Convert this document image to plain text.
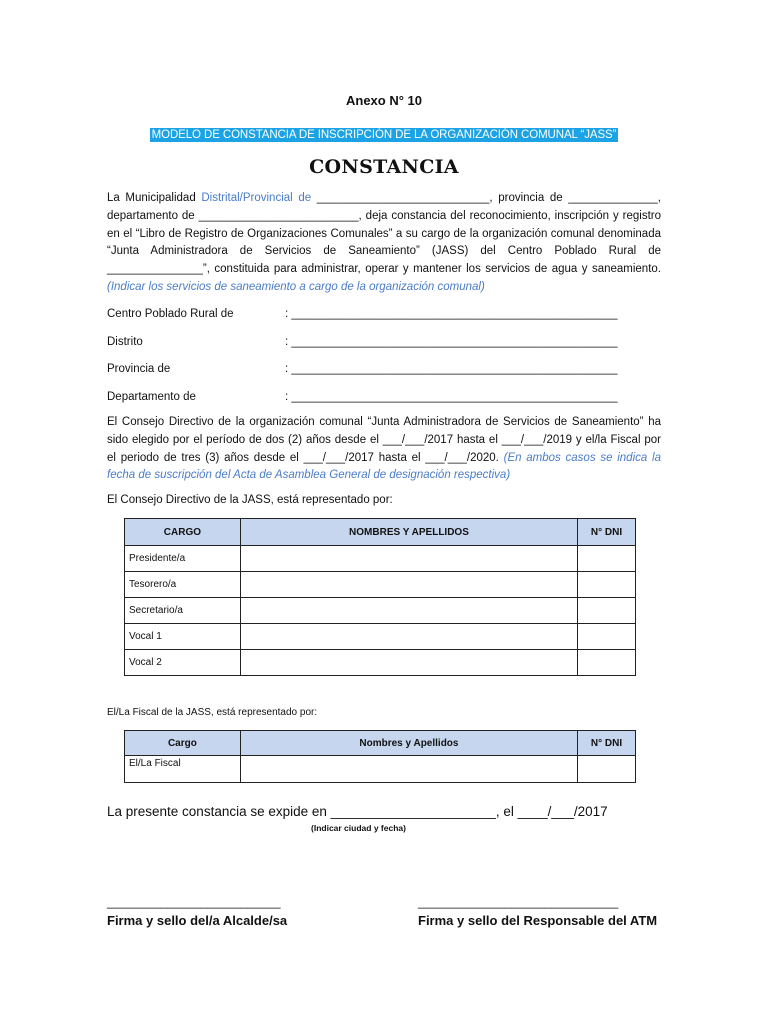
Anexo N° 10
MODELO DE CONSTANCIA DE INSCRIPCIÓN DE LA ORGANIZACIÓN COMUNAL “JASS”
CONSTANCIA
La Municipalidad Distrital/Provincial de ___________________________, provincia de ______________, departamento de _________________________, deja constancia del reconocimiento, inscripción y registro en el “Libro de Registro de Organizaciones Comunales” a su cargo de la organización comunal denominada “Junta Administradora de Servicios de Saneamiento” (JASS) del Centro Poblado Rural de _______________”, constituida para administrar, operar y mantener los servicios de agua y saneamiento. (Indicar los servicios de saneamiento a cargo de la organización comunal)
Centro Poblado Rural de	: ___________________________________________________
Distrito	: ___________________________________________________
Provincia de	: ___________________________________________________
Departamento de	: ___________________________________________________
El Consejo Directivo de la organización comunal “Junta Administradora de Servicios de Saneamiento” ha sido elegido por el período de dos (2) años desde el ___/___/2017 hasta el ___/___/2019 y el/la Fiscal por el periodo de tres (3) años desde el ___/___/2017 hasta el ___/___/2020. (En ambos casos se indica la fecha de suscripción del Acta de Asamblea General de designación respectiva)
El Consejo Directivo de la JASS, está representado por:
CARGO	NOMBRES Y APELLIDOS	N° DNI
Presidente/a		
Tesorero/a		
Secretario/a		
Vocal 1		
Vocal 2		
El/La Fiscal de la JASS, está representado por:
Cargo	Nombres y Apellidos	N° DNI
El/La Fiscal		
La presente constancia se expide en ______________________, el ____/___/2017
(Indicar ciudad y fecha)
__________________________
Firma y sello del/a Alcalde/sa
______________________________
Firma y sello del Responsable del ATM
